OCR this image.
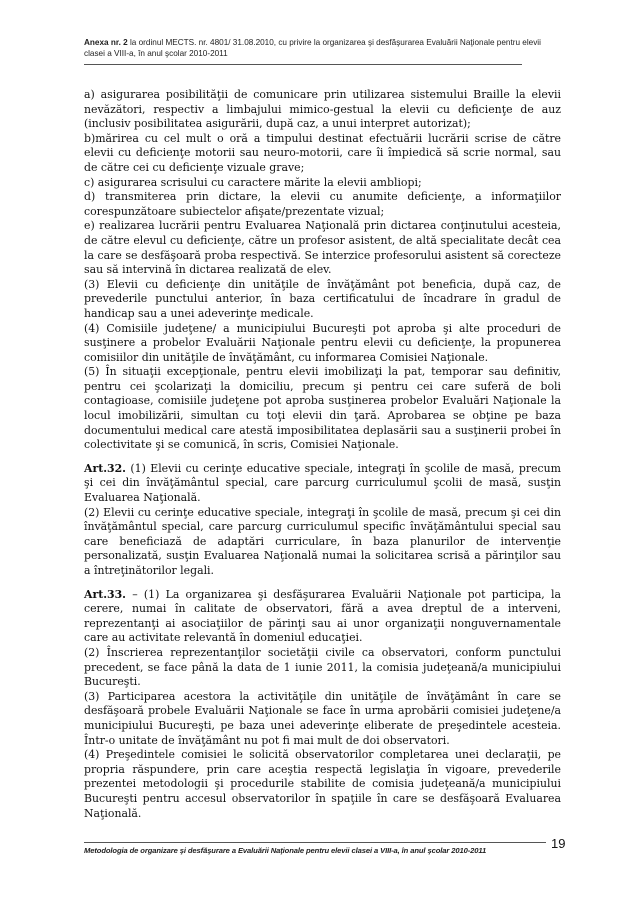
Anexa nr. 2 la ordinul MECTS. nr. 4801/ 31.08.2010, cu privire la organizarea şi desfăşurarea Evaluării Naţionale pentru elevii clasei a VIII-a, în anul şcolar 2010-2011

a) asigurarea posibilităţii de comunicare prin utilizarea sistemului Braille la elevii nevăzători, respectiv a limbajului mimico-gestual la elevii cu deficienţe de auz (inclusiv posibilitatea asigurării, după caz, a unui interpret autorizat);

b)mărirea cu cel mult o oră a timpului destinat efectuării lucrării scrise de către elevii cu deficienţe motorii sau neuro-motorii, care îi împiedică să scrie normal, sau de către cei cu deficienţe vizuale grave;

c) asigurarea scrisului cu caractere mărite la elevii ambliopi;

d) transmiterea prin dictare, la elevii cu anumite deficienţe, a informaţiilor corespunzătoare subiectelor afişate/prezentate vizual;

e) realizarea lucrării pentru Evaluarea Naţională prin dictarea conţinutului acesteia, de către elevul cu deficienţe, către un profesor asistent, de altă specialitate decât cea la care se desfăşoară proba respectivă. Se interzice profesorului asistent să corecteze sau să intervină în dictarea realizată de elev.

(3) Elevii cu deficienţe din unităţile de învăţământ pot beneficia, după caz, de prevederile punctului anterior, în baza certificatului de încadrare în gradul de handicap sau a unei adeverinţe medicale.

(4) Comisiile judeţene/ a municipiului Bucureşti pot aproba şi alte proceduri de susţinere a probelor Evaluării Naţionale pentru elevii cu deficienţe, la propunerea comisiilor din unităţile de învăţământ, cu informarea Comisiei Naţionale.

(5) În situaţii excepţionale, pentru elevii imobilizaţi la pat, temporar sau definitiv, pentru cei şcolarizaţi la domiciliu, precum şi pentru cei care suferă de boli contagioase, comisiile judeţene pot aproba susţinerea probelor Evaluări Naţionale la locul imobilizării, simultan cu toţi elevii din ţară. Aprobarea se obţine pe baza documentului medical care atestă imposibilitatea deplasării sau a susţinerii probei în colectivitate şi se comunică, în scris, Comisiei Naţionale.

Art.32. (1) Elevii cu cerinţe educative speciale, integraţi în şcolile de masă, precum şi cei din învăţământul special, care parcurg curriculumul şcolii de masă, susţin Evaluarea Naţională.

(2) Elevii cu cerinţe educative speciale, integraţi în şcolile de masă, precum şi cei din învăţământul special, care parcurg curriculumul specific învăţământului special sau care beneficiază de adaptări curriculare, în baza planurilor de intervenţie personalizată, susţin Evaluarea Naţională numai la solicitarea scrisă a părinţilor sau a întreţinătorilor legali.

Art.33. – (1) La organizarea şi desfăşurarea Evaluării Naţionale pot participa, la cerere, numai în calitate de observatori, fără a avea dreptul de a interveni, reprezentanţi ai asociaţiilor de părinţi sau ai unor organizaţii nonguvernamentale care au activitate relevantă în domeniul educaţiei.

(2) Înscrierea reprezentanţilor societăţii civile ca observatori, conform punctului precedent, se face până la data de 1 iunie 2011, la comisia judeţeană/a municipiului Bucureşti.

(3) Participarea acestora la activităţile din unităţile de învăţământ în care se desfăşoară probele Evaluării Naţionale se face în urma aprobării comisiei judeţene/a municipiului Bucureşti, pe baza unei adeverinţe eliberate de preşedintele acesteia. Într-o unitate de învăţământ nu pot fi mai mult de doi observatori.

(4) Preşedintele comisiei le solicită observatorilor completarea unei declaraţii, pe propria răspundere, prin care aceştia respectă legislaţia în vigoare, prevederile prezentei metodologii şi procedurile stabilite de comisia judeţeană/a municipiului Bucureşti pentru accesul observatorilor în spaţiile în care se desfăşoară Evaluarea Naţională.

Metodologia de organizare şi desfăşurare a Evaluării Naţionale pentru elevii clasei a VIII-a, în anul şcolar 2010-2011	19
